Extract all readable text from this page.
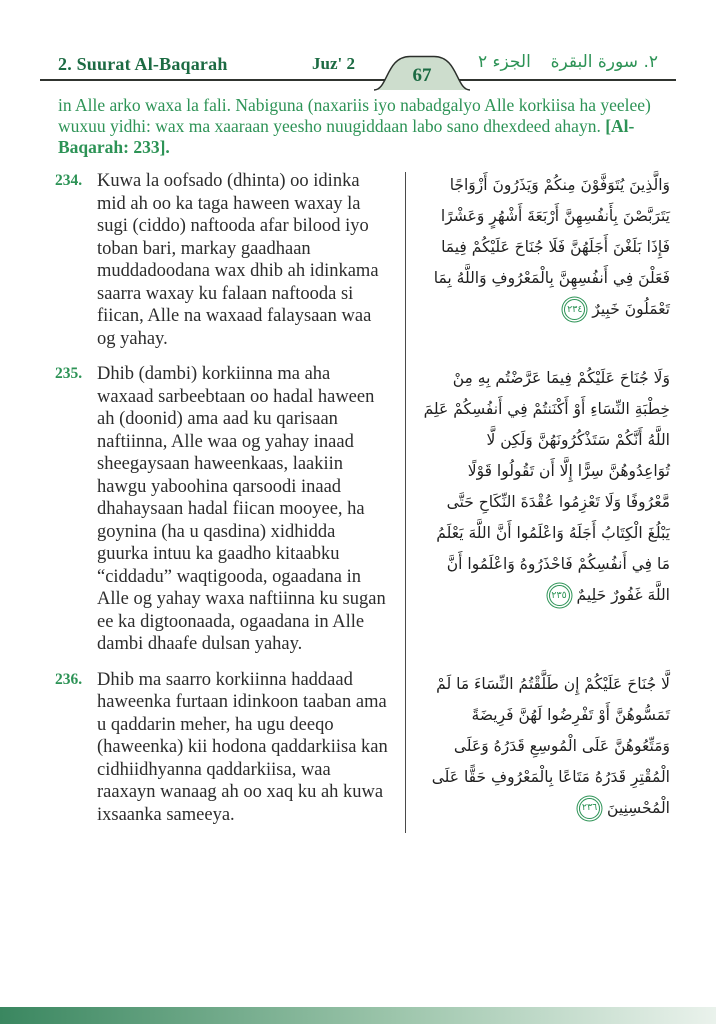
2. Suurat Al-Baqarah	Juz' 2
67
الجزء ٢ ٢. سورة البقرة
in Alle arko waxa la fali. Nabiguna (naxariis iyo nabadgalyo Alle korkiisa ha yeelee) wuxuu yidhi: wax ma xaaraan yeesho nuugiddaan labo sano dhexdeed ahayn. [Al-Baqarah: 233].
234. Kuwa la oofsado (dhinta) oo idinka mid ah oo ka taga haween waxay la sugi (ciddo) naftooda afar bilood iyo toban bari, markay gaadhaan muddadoodana wax dhib ah idinkama saarra waxay ku falaan naftooda si fiican, Alle na waxaad falaysaan waa og yahay.
وَالَّذِينَ يُتَوَفَّوْنَ مِنكُمْ وَيَذَرُونَ أَزْوَاجًا يَتَرَبَّصْنَ بِأَنفُسِهِنَّ أَرْبَعَةَ أَشْهُرٍ وَعَشْرًا فَإِذَا بَلَغْنَ أَجَلَهُنَّ فَلَا جُنَاحَ عَلَيْكُمْ فِيمَا فَعَلْنَ فِي أَنفُسِهِنَّ بِالْمَعْرُوفِ وَاللَّهُ بِمَا تَعْمَلُونَ خَبِيرٌ٢٣٤
235. Dhib (dambi) korkiinna ma aha waxaad sarbeebtaan oo hadal haween ah (doonid) ama aad ku qarisaan naftiinna, Alle waa og yahay inaad sheegaysaan haweenkaas, laakiin hawgu yaboohina qarsoodi inaad dhahaysaan hadal fiican mooyee, ha goynina (ha u qasdina) xidhidda guurka intuu ka gaadho kitaabku “ciddadu” waqtigooda, ogaadana in Alle og yahay waxa naftiinna ku sugan ee ka digtoonaada, ogaadana in Alle dambi dhaafe dulsan yahay.
وَلَا جُنَاحَ عَلَيْكُمْ فِيمَا عَرَّضْتُم بِهِ مِنْ خِطْبَةِ النِّسَاءِ أَوْ أَكْنَنتُمْ فِي أَنفُسِكُمْ عَلِمَ اللَّهُ أَنَّكُمْ سَتَذْكُرُونَهُنَّ وَلَكِن لَّا تُوَاعِدُوهُنَّ سِرًّا إِلَّا أَن تَقُولُوا قَوْلًا مَّعْرُوفًا وَلَا تَعْزِمُوا عُقْدَةَ النِّكَاحِ حَتَّى يَبْلُغَ الْكِتَابُ أَجَلَهُ وَاعْلَمُوا أَنَّ اللَّهَ يَعْلَمُ مَا فِي أَنفُسِكُمْ فَاحْذَرُوهُ وَاعْلَمُوا أَنَّ اللَّهَ غَفُورٌ حَلِيمٌ٢٣٥
236. Dhib ma saarro korkiinna haddaad haweenka furtaan idinkoon taaban ama u qaddarin meher, ha ugu deeqo (haweenka) kii hodona qaddarkiisa kan cidhiidhyanna qaddarkiisa, waa raaxayn wanaag ah oo xaq ku ah kuwa ixsaanka sameeya.
لَّا جُنَاحَ عَلَيْكُمْ إِن طَلَّقْتُمُ النِّسَاءَ مَا لَمْ تَمَسُّوهُنَّ أَوْ تَفْرِضُوا لَهُنَّ فَرِيضَةً وَمَتِّعُوهُنَّ عَلَى الْمُوسِعِ قَدَرُهُ وَعَلَى الْمُقْتِرِ قَدَرُهُ مَتَاعًا بِالْمَعْرُوفِ حَقًّا عَلَى الْمُحْسِنِينَ٢٣٦
